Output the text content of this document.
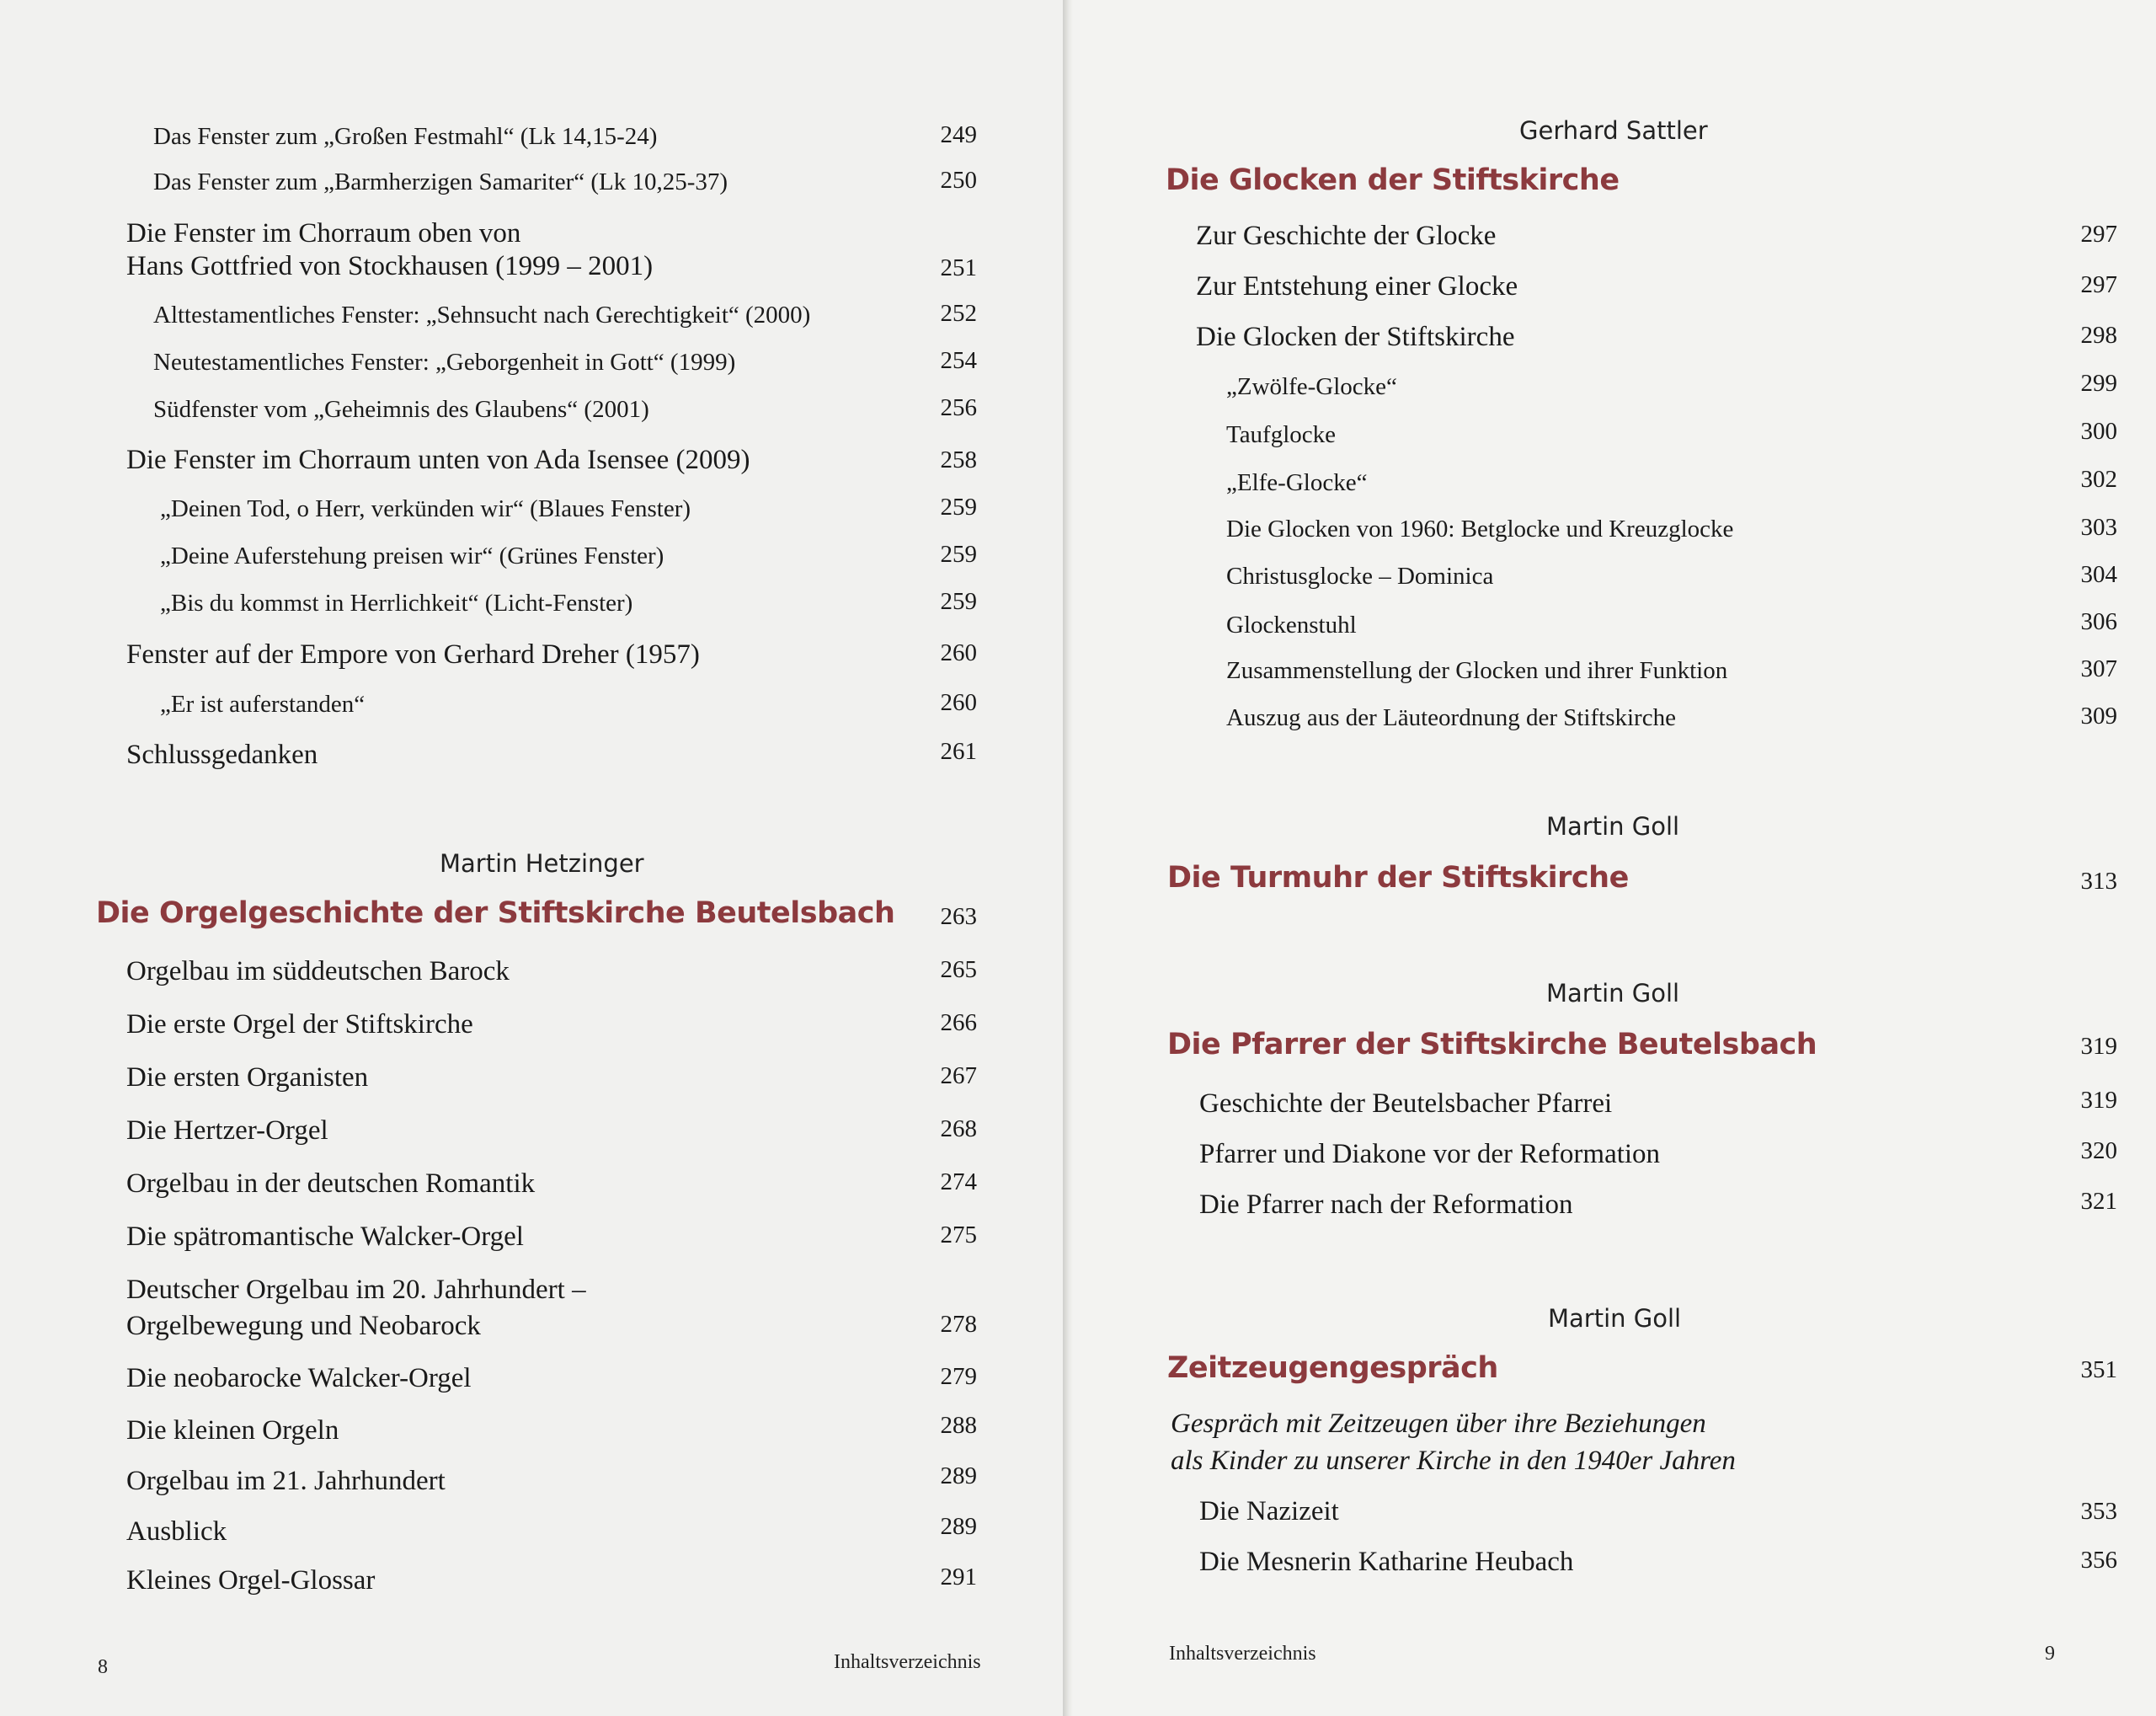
Das Fenster zum „Großen Festmahl“ (Lk 14,15-24)	249
Das Fenster zum „Barmherzigen Samariter“ (Lk 10,25-37)	250
Die Fenster im Chorraum oben von
Hans Gottfried von Stockhausen (1999 – 2001)	251
Alttestamentliches Fenster: „Sehnsucht nach Gerechtigkeit“ (2000)	252
Neutestamentliches Fenster: „Geborgenheit in Gott“ (1999)	254
Südfenster vom „Geheimnis des Glaubens“ (2001)	256
Die Fenster im Chorraum unten von Ada Isensee (2009)	258
„Deinen Tod, o Herr, verkünden wir“ (Blaues Fenster)	259
„Deine Auferstehung preisen wir“ (Grünes Fenster)	259
„Bis du kommst in Herrlichkeit“ (Licht-Fenster)	259
Fenster auf der Empore von Gerhard Dreher (1957)	260
„Er ist auferstanden“	260
Schlussgedanken	261
Martin Hetzinger
Die Orgelgeschichte der Stiftskirche Beutelsbach	263
Orgelbau im süddeutschen Barock	265
Die erste Orgel der Stiftskirche	266
Die ersten Organisten	267
Die Hertzer-Orgel	268
Orgelbau in der deutschen Romantik	274
Die spätromantische Walcker-Orgel	275
Deutscher Orgelbau im 20. Jahrhundert –
Orgelbewegung und Neobarock	278
Die neobarocke Walcker-Orgel	279
Die kleinen Orgeln	288
Orgelbau im 21. Jahrhundert	289
Ausblick	289
Kleines Orgel-Glossar	291
8	Inhaltsverzeichnis
Gerhard Sattler
Die Glocken der Stiftskirche
Zur Geschichte der Glocke	297
Zur Entstehung einer Glocke	297
Die Glocken der Stiftskirche	298
„Zwölfe-Glocke“	299
Taufglocke	300
„Elfe-Glocke“	302
Die Glocken von 1960: Betglocke und Kreuzglocke	303
Christusglocke – Dominica	304
Glockenstuhl	306
Zusammenstellung der Glocken und ihrer Funktion	307
Auszug aus der Läuteordnung der Stiftskirche	309
Martin Goll
Die Turmuhr der Stiftskirche	313
Martin Goll
Die Pfarrer der Stiftskirche Beutelsbach	319
Geschichte der Beutelsbacher Pfarrei	319
Pfarrer und Diakone vor der Reformation	320
Die Pfarrer nach der Reformation	321
Martin Goll
Zeitzeugengespräch	351
Gespräch mit Zeitzeugen über ihre Beziehungen
als Kinder zu unserer Kirche in den 1940er Jahren
Die Nazizeit	353
Die Mesnerin Katharine Heubach	356
Inhaltsverzeichnis	9
